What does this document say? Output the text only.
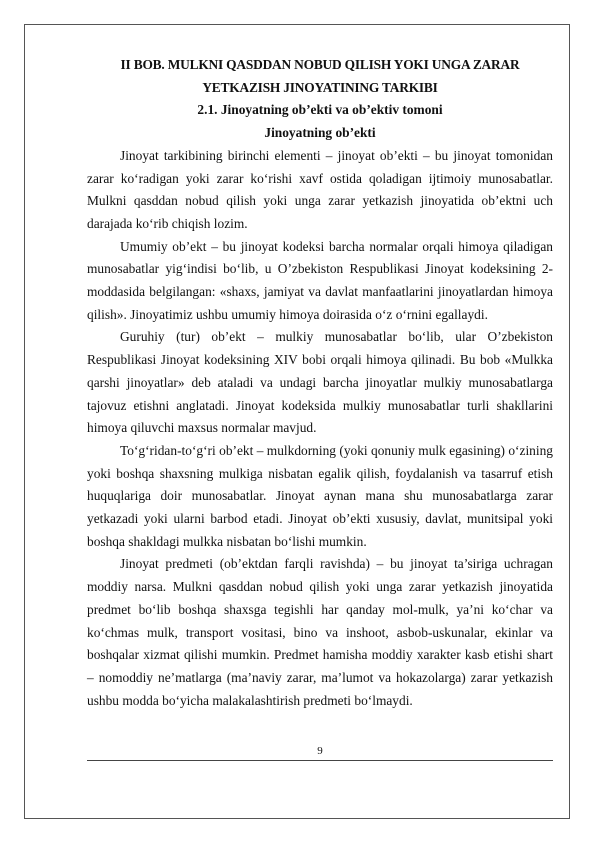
II BOB. MULKNI QASDDAN NOBUD QILISH YOKI UNGA ZARAR
YETKAZISH JINOYATINING TARKIBI
2.1. Jinoyatning ob’ekti va ob’ektiv tomoni
Jinoyatning ob’ekti

Jinoyat tarkibining birinchi elementi – jinoyat ob’ekti – bu jinoyat tomonidan zarar ko‘radigan yoki zarar ko‘rishi xavf ostida qoladigan ijtimoiy munosabatlar. Mulkni qasddan nobud qilish yoki unga zarar yetkazish jinoyatida ob’ektni uch darajada ko‘rib chiqish lozim.

Umumiy ob’ekt – bu jinoyat kodeksi barcha normalar orqali himoya qiladigan munosabatlar yig‘indisi bo‘lib, u O’zbekiston Respublikasi Jinoyat kodeksining 2-moddasida belgilangan: «shaxs, jamiyat va davlat manfaatlarini jinoyatlardan himoya qilish». Jinoyatimiz ushbu umumiy himoya doirasida o‘z o‘rnini egallaydi.

Guruhiy (tur) ob’ekt – mulkiy munosabatlar bo‘lib, ular O’zbekiston Respublikasi Jinoyat kodeksining XIV bobi orqali himoya qilinadi. Bu bob «Mulkka qarshi jinoyatlar» deb ataladi va undagi barcha jinoyatlar mulkiy munosabatlarga tajovuz etishni anglatadi. Jinoyat kodeksida mulkiy munosabatlar turli shakllarini himoya qiluvchi maxsus normalar mavjud.

To‘g‘ridan-to‘g‘ri ob’ekt – mulkdorning (yoki qonuniy mulk egasining) o‘zining yoki boshqa shaxsning mulkiga nisbatan egalik qilish, foydalanish va tasarruf etish huquqlariga doir munosabatlar. Jinoyat aynan mana shu munosabatlarga zarar yetkazadi yoki ularni barbod etadi. Jinoyat ob’ekti xususiy, davlat, munitsipal yoki boshqa shakldagi mulkka nisbatan bo‘lishi mumkin.

Jinoyat predmeti (ob’ektdan farqli ravishda) – bu jinoyat ta’siriga uchragan moddiy narsa. Mulkni qasddan nobud qilish yoki unga zarar yetkazish jinoyatida predmet bo‘lib boshqa shaxsga tegishli har qanday mol-mulk, ya’ni ko‘char va ko‘chmas mulk, transport vositasi, bino va inshoot, asbob-uskunalar, ekinlar va boshqalar xizmat qilishi mumkin. Predmet hamisha moddiy xarakter kasb etishi shart – nomoddiy ne’matlarga (ma’naviy zarar, ma’lumot va hokazolarga) zarar yetkazish ushbu modda bo‘yicha malakalashtirish predmeti bo‘lmaydi.

9
